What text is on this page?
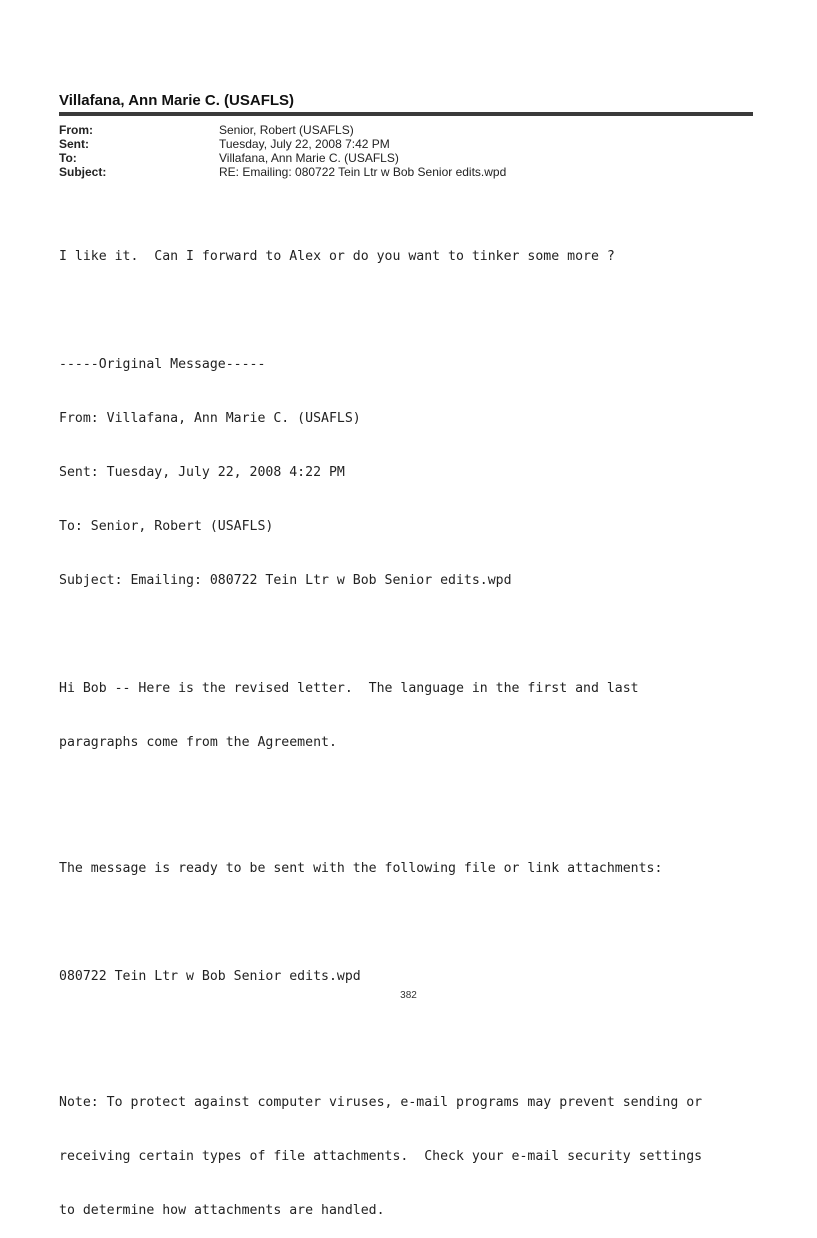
Villafana, Ann Marie C. (USAFLS)
From:	Senior, Robert (USAFLS)
Sent:	Tuesday, July 22, 2008 7:42 PM
To:	Villafana, Ann Marie C. (USAFLS)
Subject:	RE: Emailing: 080722 Tein Ltr w Bob Senior edits.wpd

I like it.  Can I forward to Alex or do you want to tinker some more ?

-----Original Message-----

From: Villafana, Ann Marie C. (USAFLS)

Sent: Tuesday, July 22, 2008 4:22 PM

To: Senior, Robert (USAFLS)

Subject: Emailing: 080722 Tein Ltr w Bob Senior edits.wpd

Hi Bob -- Here is the revised letter.  The language in the first and last

paragraphs come from the Agreement.

The message is ready to be sent with the following file or link attachments:

080722 Tein Ltr w Bob Senior edits.wpd

Note: To protect against computer viruses, e-mail programs may prevent sending or

receiving certain types of file attachments.  Check your e-mail security settings

to determine how attachments are handled.

382
